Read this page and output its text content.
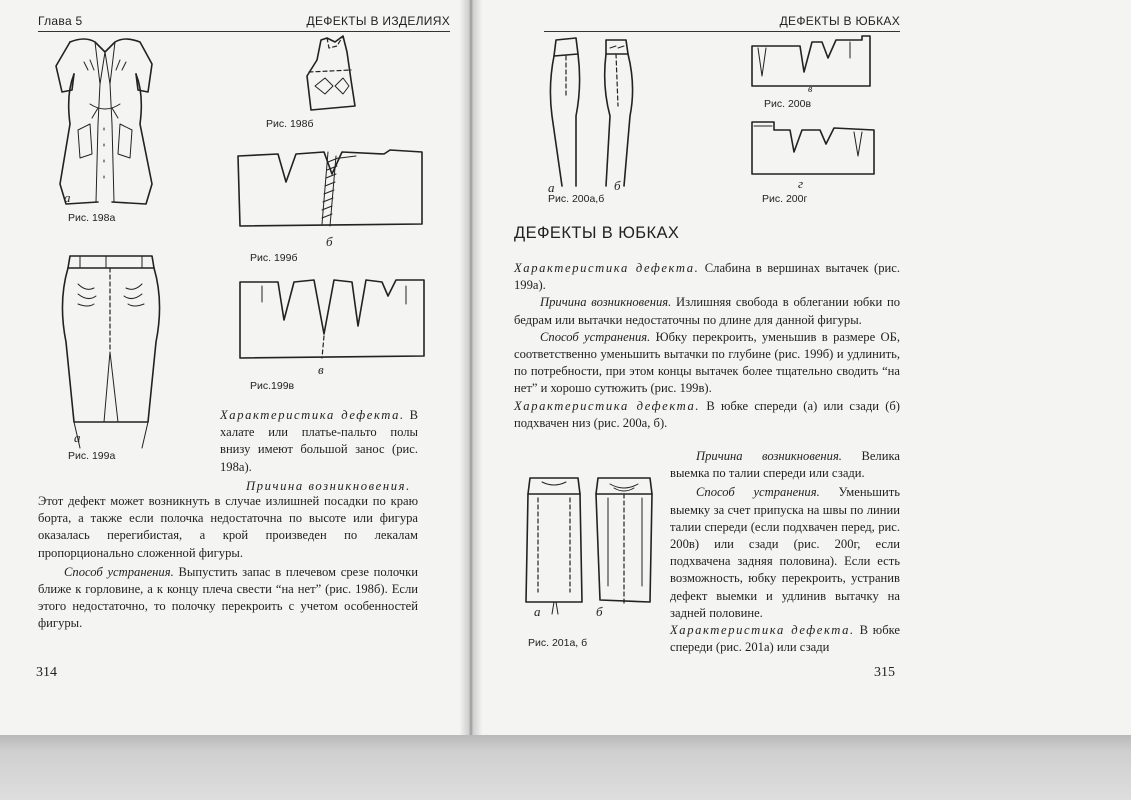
Глава 5	ДЕФЕКТЫ В ИЗДЕЛИЯХ
а
Рис. 198а
Рис. 198б
б
Рис. 199б
в
Рис.199в
а
Рис. 199а

Характеристика дефекта. В халате или платье-пальто полы внизу имеют большой занос (рис. 198а).

Причина возникновения.

Этот дефект может возникнуть в случае излишней посадки по краю борта, а также если полочка недостаточна по высоте или фигура оказалась перегибистая, а крой произведен по лекалам пропорционально сложенной фигуры.

Способ устранения. Выпустить запас в плечевом срезе полочки ближе к горловине, а к концу плеча свести “на нет” (рис. 198б). Если этого недостаточно, то полочку перекроить с учетом особенностей фигуры.

314
ДЕФЕКТЫ В ЮБКАХ
а	б
Рис. 200а,б
в
Рис. 200в
г
Рис. 200г
ДЕФЕКТЫ В ЮБКАХ

Характеристика дефекта. Слабина в вершинах вытачек (рис. 199а).

Причина возникновения. Излишняя свобода в облегании юбки по бедрам или вытачки недостаточны по длине для данной фигуры.

Способ устранения. Юбку перекроить, уменьшив в размере ОБ, соответственно уменьшить вытачки по глубине (рис. 199б) и удлинить, по потребности, при этом концы вытачек более тщательно сводить “на нет” и хорошо сутюжить (рис. 199в).

Характеристика дефекта. В юбке спереди (а) или сзади (б) подхвачен низ (рис. 200а, б).

а	б
Рис. 201а, б

Причина возникновения. Велика выемка по талии спереди или сзади.

Способ устранения. Уменьшить выемку за счет припуска на швы по линии талии спереди (если подхвачен перед, рис. 200в) или сзади (рис. 200г, если подхвачена задняя половина). Если есть возможность, юбку перекроить, устранив дефект выемки и удлинив вытачку на задней половине.

Характеристика дефекта. В юбке спереди (рис. 201а) или сзади

315
